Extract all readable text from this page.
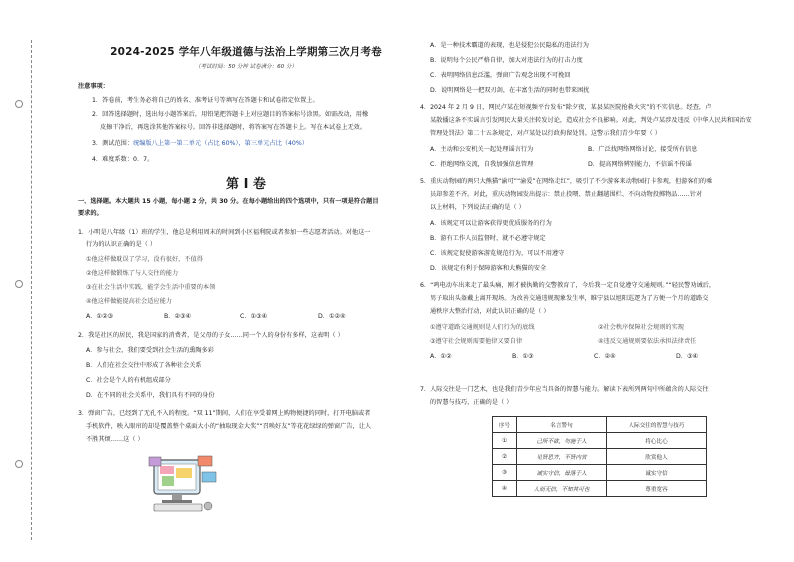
2024-2025 学年八年级道德与法治上学期第三次月考卷
（考试时间：50 分钟 试卷满分：60 分）
注意事项：
1．答卷前，考生务必将自己的姓名、准考证号等填写在答题卡和试卷指定位置上。
2．回答选择题时，选出每小题答案后，用铅笔把答题卡上对应题目的答案标号涂黑。如需改动，用橡
皮擦干净后，再选涂其他答案标号。回答非选择题时，将答案写在答题卡上。写在本试卷上无效。
3．测试范围：统编版八上第一第二单元（占比 60%），第三单元占比（40%）
4．难度系数：0．7。
第 I 卷
一、选择题。本大题共 15 小题，每小题 2 分，共 30 分。在每小题给出的四个选项中，只有一项是符合题目
要求的。
1．小明是八年级（1）班的学生，他总是利用周末的时间到小区福利院或者参加一些志愿者活动。对他这一
行为的认识正确的是（ ）
①他这样做耽误了学习，没有很好，不值得
②他这样做锻炼了与人交往的能力
③在社会生活中实践，能学会生活中重要的本领
④他这样做能提高社会适应能力
A．①②③	B．②③④	C．①③④	D．①②④
2．我是社区的居民，我是国家的消费者，是父母的子女……同一个人的身份有多样，这表明（ ）
A．参与社会，我们要受到社会生活的熏陶多彩
B．人们在社会交往中形成了各种社会关系
C．社会是个人的有机组成部分
D．在不同的社会关系中，我们具有不同的身份
3．弹窗广告，已经到了无孔不入的程度。“双 11”期间，人们在享受着网上购物便捷的同时，打开电脑或者
手机软件，映入眼帘的却是覆盖整个桌面大小的“抽取现金大奖”“召唤好友”等花花绿绿的弹窗广告，让人
不胜其烦……这（ ）
A．是一种技术霸道的表现，也是侵犯公民隐私的违法行为
B．说明每个公民严格自律，加大对违法行为的打击力度
C．表明网络信息泛滥，弹窗广告观念出现不可挽回
D．说明网络是一把双刃剑，在丰富生活的同时也带来困扰
4．2024 年 2 月 9 日，网民卢某在短视频平台发布“除夕夜，某县某医院抢救火灾”的不实信息。经查，卢
某散播这条不实谣言引发网民大量关注转发讨论，造成社会不良影响。对此，判处卢某涉及违反《中华人民共和国治安
管理处罚法》第二十五条规定，对卢某处以行政拘留处罚。这警示我们青少年要（ ）
A．主动和公安机关一起处理谣言行为	B．广泛找网络网络讨论，接受所有信息
C．拒绝网络交流，自我加强信息管理	D．提高网络辨别能力，不信谣不传谣
5．重庆动物园的两只大熊猫“渝可”“渝爱”在网络走红”，吸引了不少游客来动物园打卡参观，但游客们的乘
员却参差不齐。对此，重庆动物园发出提示：禁止投喂、禁止翻越围栏、不向动物投掷物品……针对
以上材料，下列说法正确的是（ ）
A．该规定可以让游客获得更优质服务的行为
B．游有工作人员监督时，就不必遵守规定
C．该规定促使游客游览规范行为，可以不用遵守
D．该规定有利于保障游客和大熊猫的安全
6．“鸣电动车出来走了最头痛，刚才被执勤的交警教育了，今后我一定自觉遵守交通规则。”“轻民警劝诫后，
男子取出头盔戴上离开现场。为改善交通违规现象发生率，睢宁县以旭阳巡逻为了方便一个月的道路交
通秩序大整治行动，对此认识正确的是（ ）
①遵守道路交通规则是人们行为的底线	②社会秩序保障社会规则的实现
③遵守社会规则需要他律又要自律	④违反交通规则要依法承担法律责任
A．①②	B．①③	C．②④	D．③④
7．人际交往是一门艺术，也是我们青少年应当具备的智慧与能力。解读下表所列两句中所蕴含的人际交往
的智慧与技巧，正确的是（ ）
序号	名言警句	人际交往的智慧与技巧
①	己所不欲，勿施于人	将心比心
②	见贤思齐，不贤内省	欣赏他人
③	诚实守信，毋落于人	诚实守信
④	人而无信，不知其可也	尊重宽容
